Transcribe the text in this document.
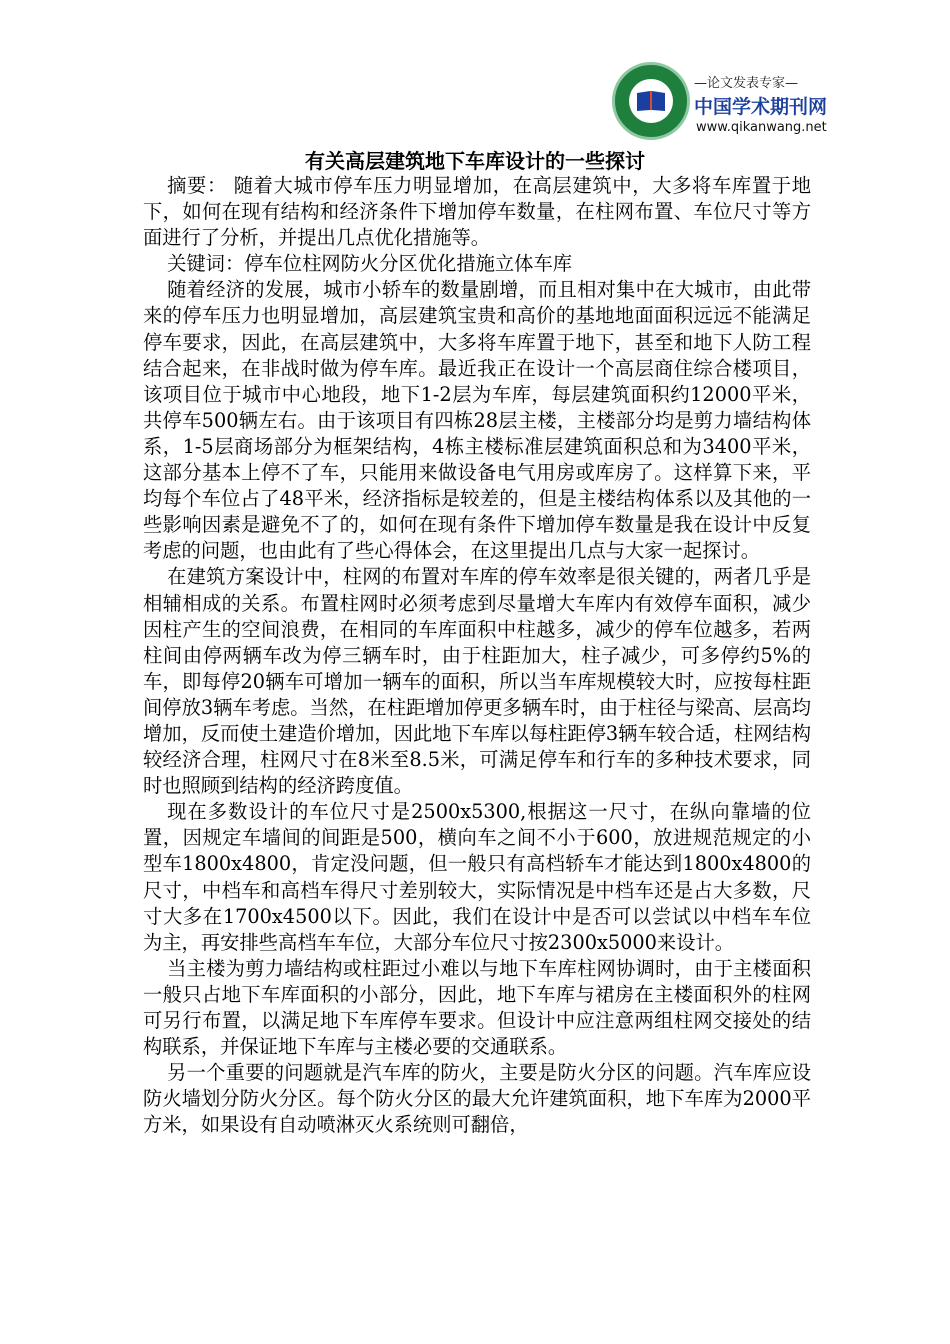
—论文发表专家—
中国学术期刊网
www.qikanwang.net
有关高层建筑地下车库设计的一些探讨

摘要： 随着大城市停车压力明显增加，在高层建筑中，大多将车库置于地下，如何在现有结构和经济条件下增加停车数量，在柱网布置、车位尺寸等方面进行了分析，并提出几点优化措施等。

关键词：停车位柱网防火分区优化措施立体车库

随着经济的发展，城市小轿车的数量剧增，而且相对集中在大城市，由此带来的停车压力也明显增加，高层建筑宝贵和高价的基地地面面积远远不能满足停车要求，因此，在高层建筑中，大多将车库置于地下，甚至和地下人防工程结合起来，在非战时做为停车库。最近我正在设计一个高层商住综合楼项目，该项目位于城市中心地段，地下1-2层为车库，每层建筑面积约12000平米，共停车500辆左右。由于该项目有四栋28层主楼，主楼部分均是剪力墙结构体系，1-5层商场部分为框架结构，4栋主楼标准层建筑面积总和为3400平米，这部分基本上停不了车，只能用来做设备电气用房或库房了。这样算下来，平均每个车位占了48平米，经济指标是较差的，但是主楼结构体系以及其他的一些影响因素是避免不了的，如何在现有条件下增加停车数量是我在设计中反复考虑的问题，也由此有了些心得体会，在这里提出几点与大家一起探讨。

在建筑方案设计中，柱网的布置对车库的停车效率是很关键的，两者几乎是相辅相成的关系。布置柱网时必须考虑到尽量增大车库内有效停车面积，减少因柱产生的空间浪费，在相同的车库面积中柱越多，减少的停车位越多，若两柱间由停两辆车改为停三辆车时，由于柱距加大，柱子减少，可多停约5%的车，即每停20辆车可增加一辆车的面积，所以当车库规模较大时，应按每柱距间停放3辆车考虑。当然，在柱距增加停更多辆车时，由于柱径与梁高、层高均增加，反而使土建造价增加，因此地下车库以每柱距停3辆车较合适，柱网结构较经济合理，柱网尺寸在8米至8.5米，可满足停车和行车的多种技术要求，同时也照顾到结构的经济跨度值。

现在多数设计的车位尺寸是2500x5300,根据这一尺寸，在纵向靠墙的位置，因规定车墙间的间距是500，横向车之间不小于600，放进规范规定的小型车1800x4800，肯定没问题，但一般只有高档轿车才能达到1800x4800的尺寸，中档车和高档车得尺寸差别较大，实际情况是中档车还是占大多数，尺寸大多在1700x4500以下。因此，我们在设计中是否可以尝试以中档车车位为主，再安排些高档车车位，大部分车位尺寸按2300x5000来设计。

当主楼为剪力墙结构或柱距过小难以与地下车库柱网协调时，由于主楼面积一般只占地下车库面积的小部分，因此，地下车库与裙房在主楼面积外的柱网可另行布置，以满足地下车库停车要求。但设计中应注意两组柱网交接处的结构联系，并保证地下车库与主楼必要的交通联系。

另一个重要的问题就是汽车库的防火，主要是防火分区的问题。汽车库应设防火墙划分防火分区。每个防火分区的最大允许建筑面积，地下车库为2000平方米，如果设有自动喷淋灭火系统则可翻倍，
